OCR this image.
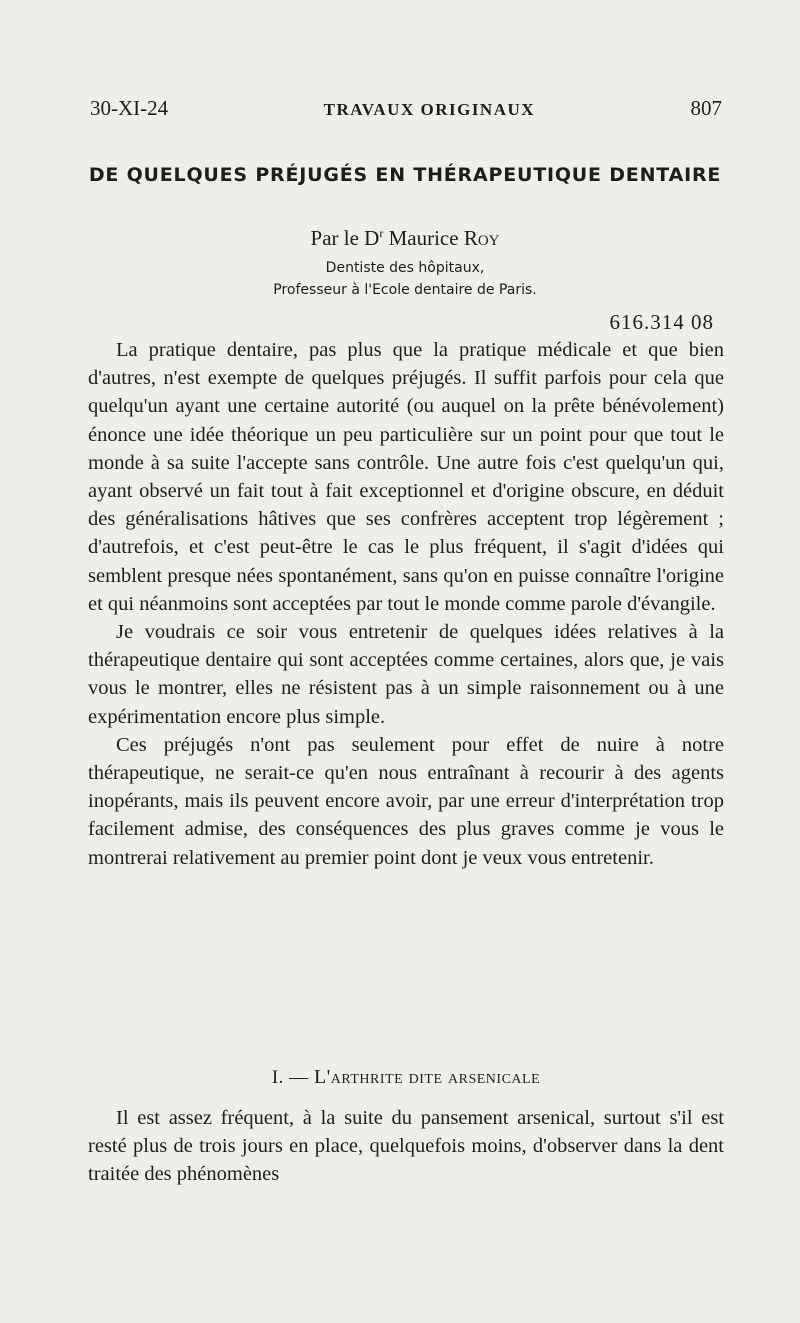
30-XI-24	TRAVAUX ORIGINAUX	807
DE QUELQUES PRÉJUGÉS EN THÉRAPEUTIQUE DENTAIRE
Par le $D^r$ Maurice Roy
Dentiste des hôpitaux,
Professeur à l'Ecole dentaire de Paris.
616.314 08

La pratique dentaire, pas plus que la pratique médicale et que bien d'autres, n'est exempte de quelques préjugés. Il suffit parfois pour cela que quelqu'un ayant une certaine autorité (ou auquel on la prête bénévolement) énonce une idée théorique un peu particulière sur un point pour que tout le monde à sa suite l'accepte sans contrôle. Une autre fois c'est quelqu'un qui, ayant observé un fait tout à fait exceptionnel et d'origine obscure, en déduit des généralisations hâtives que ses confrères acceptent trop légèrement ; d'autrefois, et c'est peut-être le cas le plus fréquent, il s'agit d'idées qui semblent presque nées spontanément, sans qu'on en puisse connaître l'origine et qui néanmoins sont acceptées par tout le monde comme parole d'évangile.

Je voudrais ce soir vous entretenir de quelques idées relatives à la thérapeutique dentaire qui sont acceptées comme certaines, alors que, je vais vous le montrer, elles ne résistent pas à un simple raisonnement ou à une expérimentation encore plus simple.

Ces préjugés n'ont pas seulement pour effet de nuire à notre thérapeutique, ne serait-ce qu'en nous entraînant à recourir à des agents inopérants, mais ils peuvent encore avoir, par une erreur d'interprétation trop facilement admise, des conséquences des plus graves comme je vous le montrerai relativement au premier point dont je veux vous entretenir.

I. — L'arthrite dite arsenicale

Il est assez fréquent, à la suite du pansement arsenical, surtout s'il est resté plus de trois jours en place, quelquefois moins, d'observer dans la dent traitée des phénomènes
